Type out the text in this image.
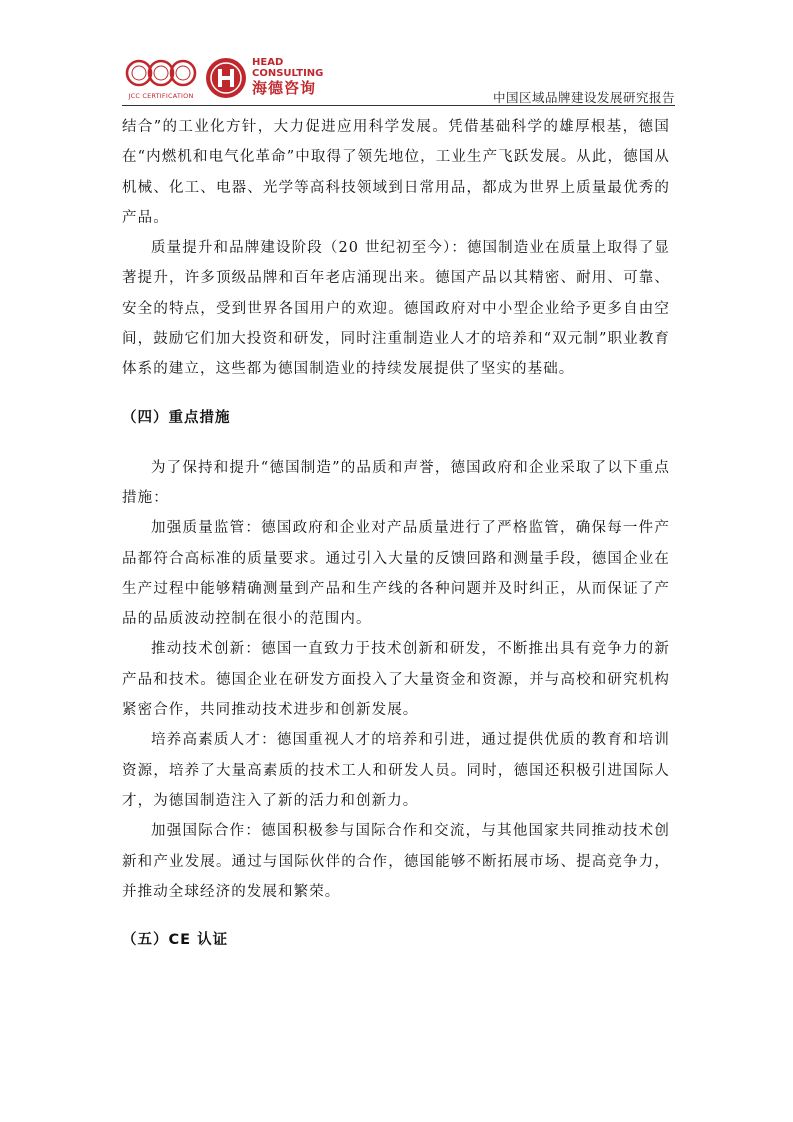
JCC CERTIFICATION
HEAD
CONSULTING
海德咨询
中国区域品牌建设发展研究报告

结合”的工业化方针，大力促进应用科学发展。凭借基础科学的雄厚根基，德国在“内燃机和电气化革命”中取得了领先地位，工业生产飞跃发展。从此，德国从机械、化工、电器、光学等高科技领域到日常用品，都成为世界上质量最优秀的产品。

质量提升和品牌建设阶段（20 世纪初至今）：德国制造业在质量上取得了显著提升，许多顶级品牌和百年老店涌现出来。德国产品以其精密、耐用、可靠、安全的特点，受到世界各国用户的欢迎。德国政府对中小型企业给予更多自由空间，鼓励它们加大投资和研发，同时注重制造业人才的培养和“双元制”职业教育体系的建立，这些都为德国制造业的持续发展提供了坚实的基础。

（四）重点措施

为了保持和提升“德国制造”的品质和声誉，德国政府和企业采取了以下重点措施：

加强质量监管：德国政府和企业对产品质量进行了严格监管，确保每一件产品都符合高标准的质量要求。通过引入大量的反馈回路和测量手段，德国企业在生产过程中能够精确测量到产品和生产线的各种问题并及时纠正，从而保证了产品的品质波动控制在很小的范围内。

推动技术创新：德国一直致力于技术创新和研发，不断推出具有竞争力的新产品和技术。德国企业在研发方面投入了大量资金和资源，并与高校和研究机构紧密合作，共同推动技术进步和创新发展。

培养高素质人才：德国重视人才的培养和引进，通过提供优质的教育和培训资源，培养了大量高素质的技术工人和研发人员。同时，德国还积极引进国际人才，为德国制造注入了新的活力和创新力。

加强国际合作：德国积极参与国际合作和交流，与其他国家共同推动技术创新和产业发展。通过与国际伙伴的合作，德国能够不断拓展市场、提高竞争力，并推动全球经济的发展和繁荣。

（五）CE 认证
